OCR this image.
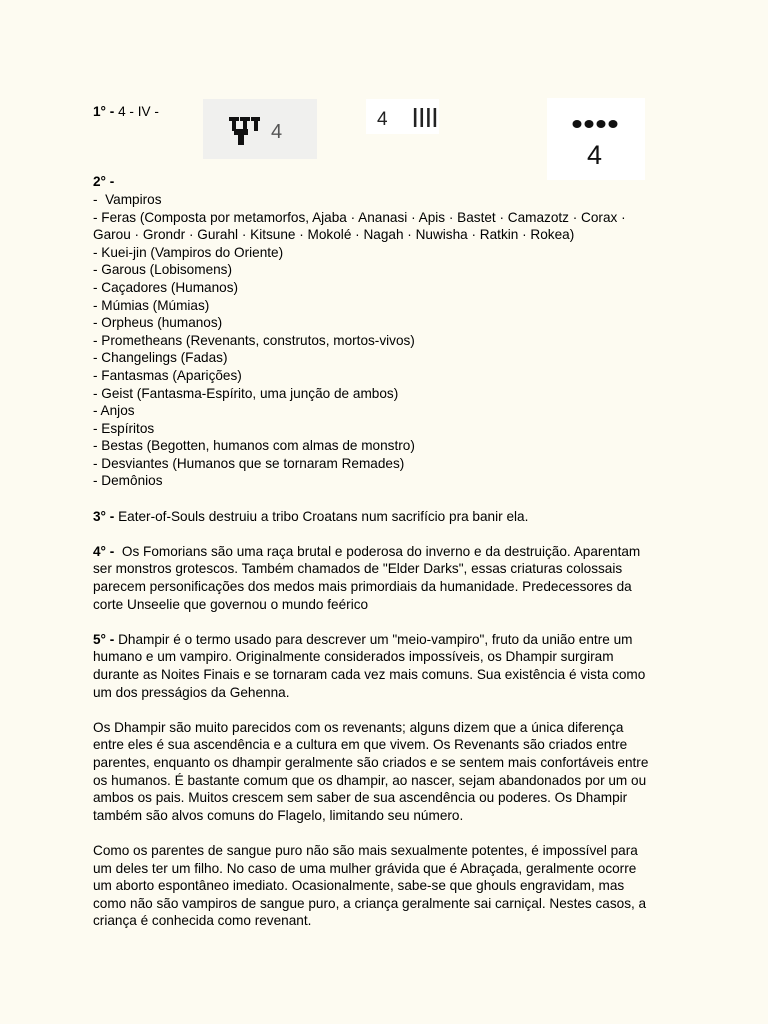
4
4 ||||
4
1° - 4 - IV -
2° -
-  Vampiros
- Feras (Composta por metamorfos, Ajaba · Ananasi · Apis · Bastet · Camazotz · Corax ·
Garou · Grondr · Gurahl · Kitsune · Mokolé · Nagah · Nuwisha · Ratkin · Rokea)
- Kuei-jin (Vampiros do Oriente)
- Garous (Lobisomens)
- Caçadores (Humanos)
- Múmias (Múmias)
- Orpheus (humanos)
- Prometheans (Revenants, construtos, mortos-vivos)
- Changelings (Fadas)
- Fantasmas (Aparições)
- Geist (Fantasma-Espírito, uma junção de ambos)
- Anjos
- Espíritos
- Bestas (Begotten, humanos com almas de monstro)
- Desviantes (Humanos que se tornaram Remades)
- Demônios
3° - Eater-of-Souls destruiu a tribo Croatans num sacrifício pra banir ela.
4° -  Os Fomorians são uma raça brutal e poderosa do inverno e da destruição. Aparentam
ser monstros grotescos. Também chamados de "Elder Darks", essas criaturas colossais
parecem personificações dos medos mais primordiais da humanidade. Predecessores da
corte Unseelie que governou o mundo feérico
5° - Dhampir é o termo usado para descrever um "meio-vampiro", fruto da união entre um
humano e um vampiro. Originalmente considerados impossíveis, os Dhampir surgiram
durante as Noites Finais e se tornaram cada vez mais comuns. Sua existência é vista como
um dos presságios da Gehenna.
Os Dhampir são muito parecidos com os revenants; alguns dizem que a única diferença
entre eles é sua ascendência e a cultura em que vivem. Os Revenants são criados entre
parentes, enquanto os dhampir geralmente são criados e se sentem mais confortáveis entre
os humanos. É bastante comum que os dhampir, ao nascer, sejam abandonados por um ou
ambos os pais. Muitos crescem sem saber de sua ascendência ou poderes. Os Dhampir
também são alvos comuns do Flagelo, limitando seu número.
Como os parentes de sangue puro não são mais sexualmente potentes, é impossível para
um deles ter um filho. No caso de uma mulher grávida que é Abraçada, geralmente ocorre
um aborto espontâneo imediato. Ocasionalmente, sabe-se que ghouls engravidam, mas
como não são vampiros de sangue puro, a criança geralmente sai carniçal. Nestes casos, a
criança é conhecida como revenant.
